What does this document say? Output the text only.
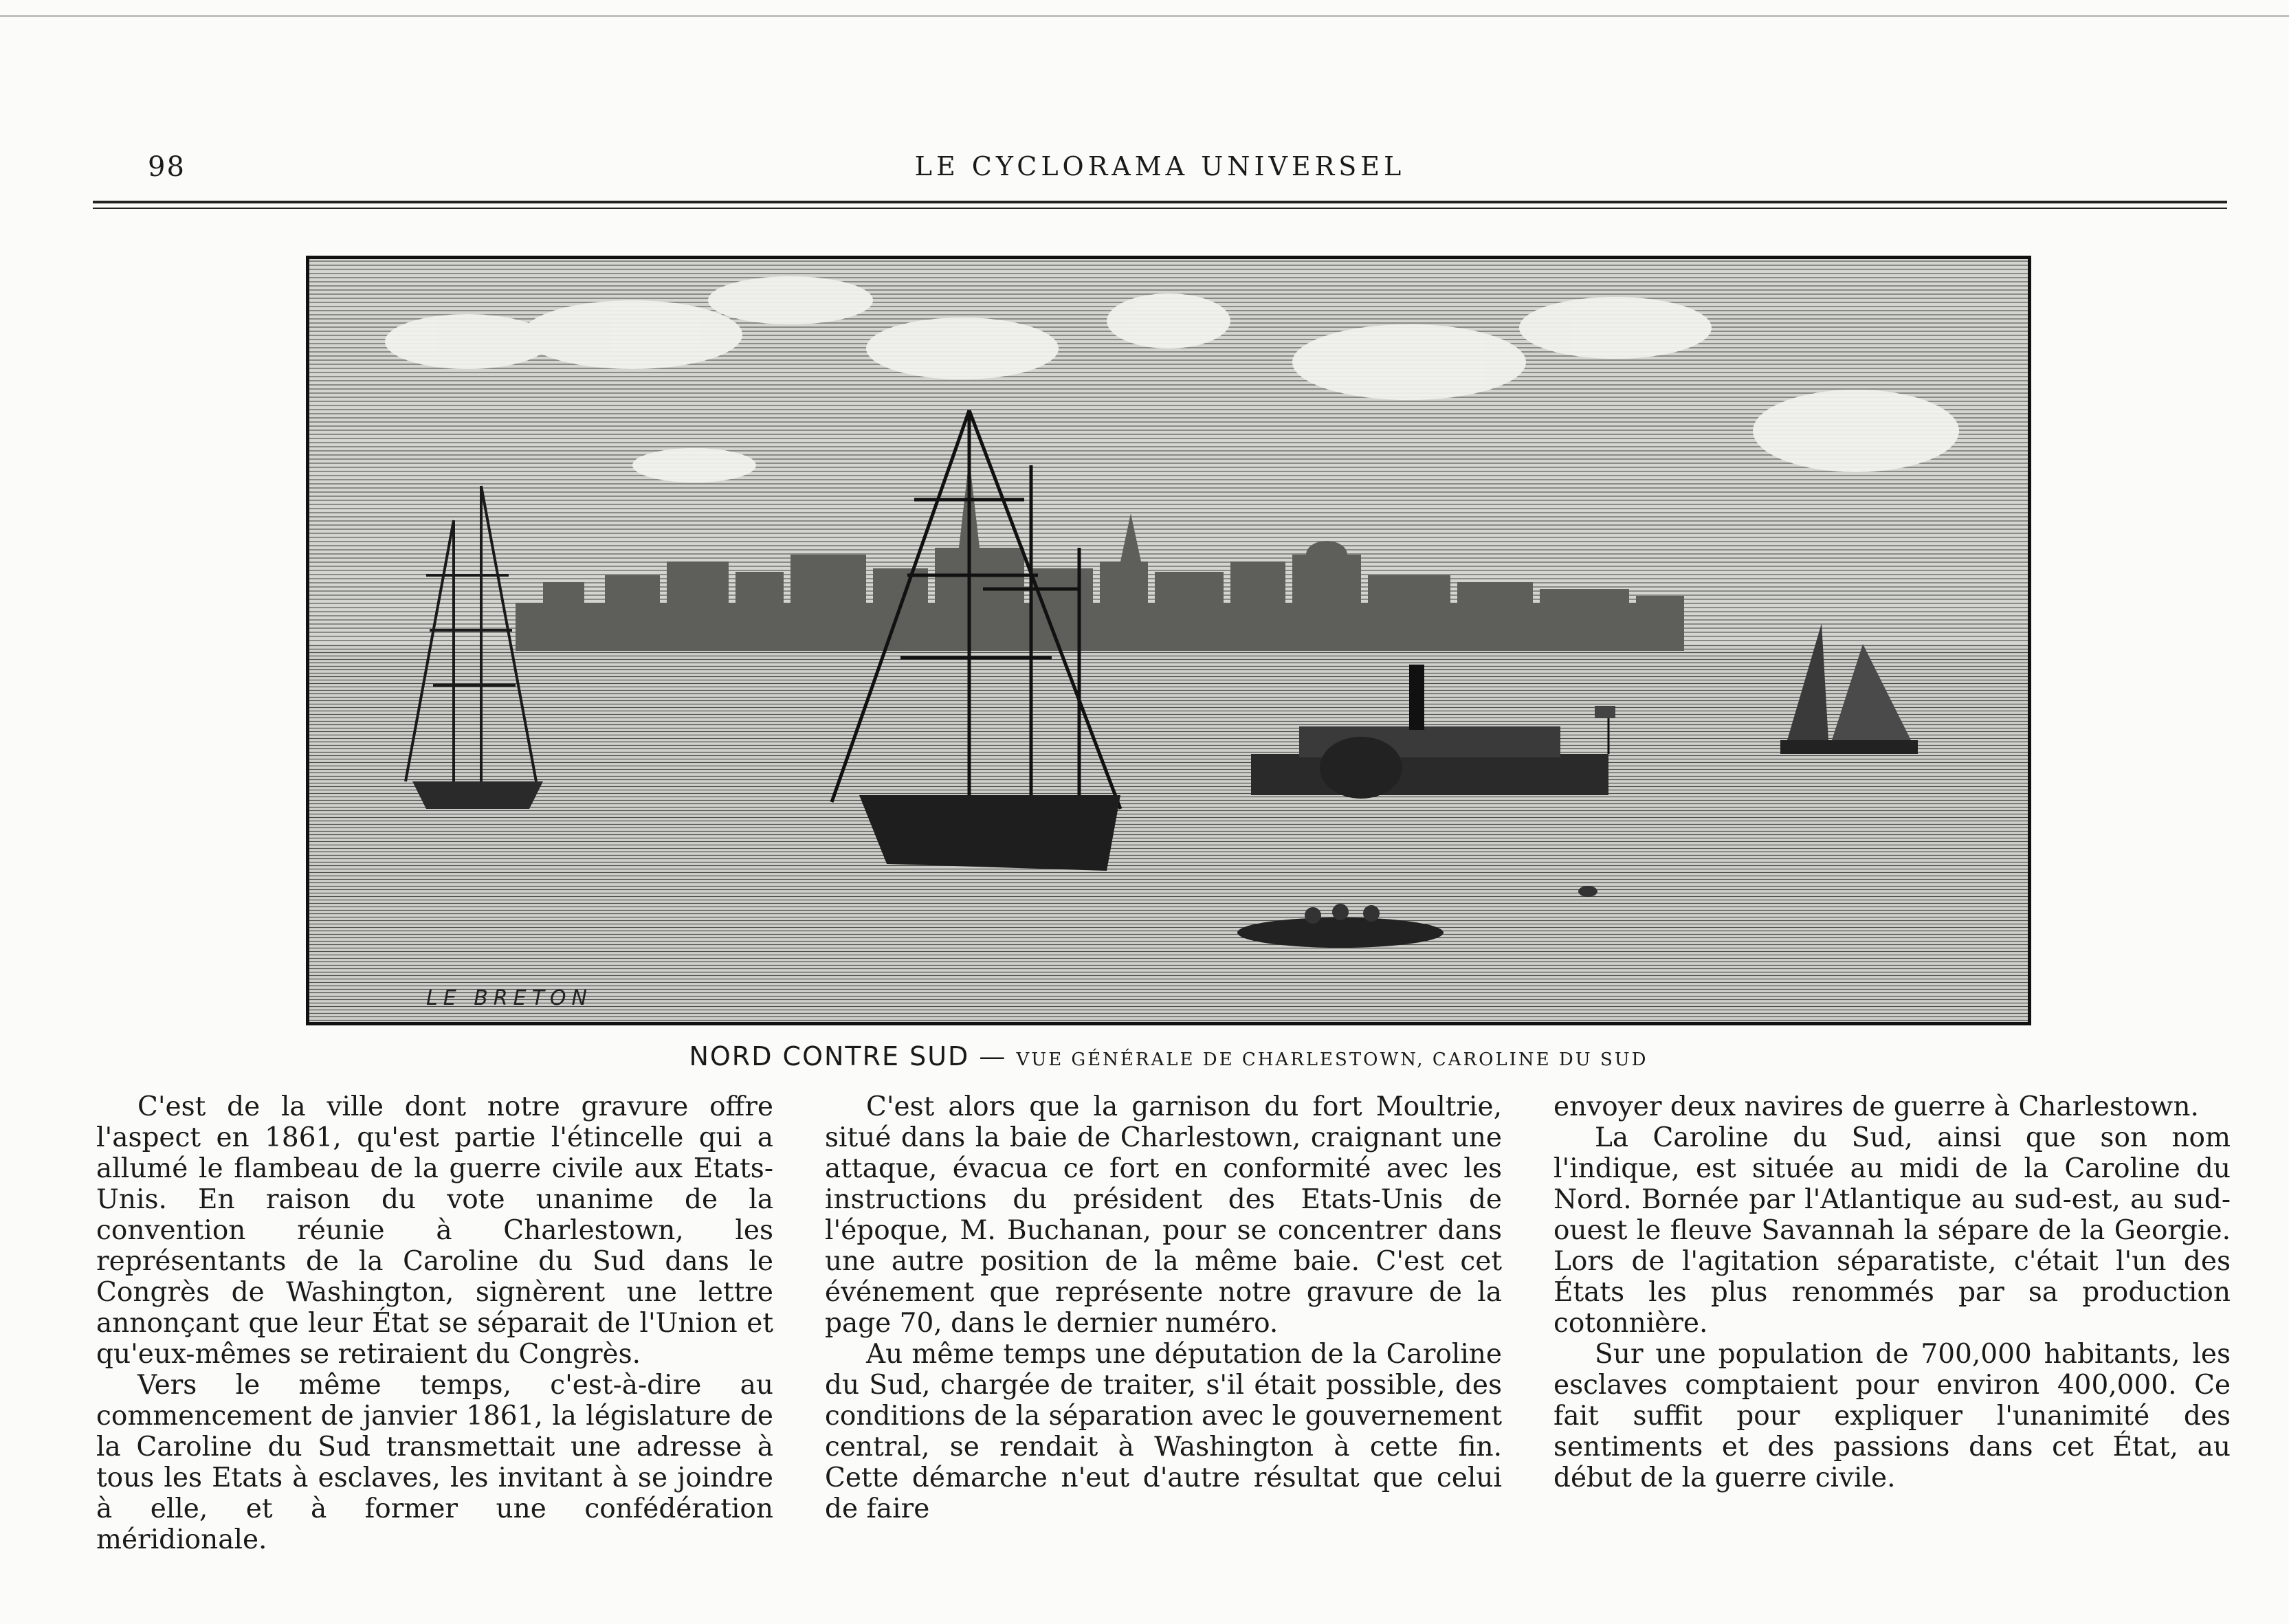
98	LE CYCLORAMA UNIVERSEL
LE BRETON
NORD CONTRE SUD — VUE GÉNÉRALE DE CHARLESTOWN, CAROLINE DU SUD

C'est de la ville dont notre gravure offre l'aspect en 1861, qu'est partie l'étincelle qui a allumé le flambeau de la guerre civile aux Etats-Unis. En raison du vote unanime de la convention réunie à Charlestown, les représentants de la Caroline du Sud dans le Congrès de Washington, signèrent une lettre annonçant que leur État se séparait de l'Union et qu'eux-mêmes se retiraient du Congrès.

Vers le même temps, c'est-à-dire au commencement de janvier 1861, la législature de la Caroline du Sud transmettait une adresse à tous les Etats à esclaves, les invitant à se joindre à elle, et à former une confédération méridionale.

C'est alors que la garnison du fort Moultrie, situé dans la baie de Charlestown, craignant une attaque, évacua ce fort en conformité avec les instructions du président des Etats-Unis de l'époque, M. Buchanan, pour se concentrer dans une autre position de la même baie. C'est cet événement que représente notre gravure de la page 70, dans le dernier numéro.

Au même temps une députation de la Caroline du Sud, chargée de traiter, s'il était possible, des conditions de la séparation avec le gouvernement central, se rendait à Washington à cette fin. Cette démarche n'eut d'autre résultat que celui de faire

envoyer deux navires de guerre à Charlestown.

La Caroline du Sud, ainsi que son nom l'indique, est située au midi de la Caroline du Nord. Bornée par l'Atlantique au sud-est, au sud-ouest le fleuve Savannah la sépare de la Georgie. Lors de l'agitation séparatiste, c'était l'un des États les plus renommés par sa production cotonnière.

Sur une population de 700,000 habitants, les esclaves comptaient pour environ 400,000. Ce fait suffit pour expliquer l'unanimité des sentiments et des passions dans cet État, au début de la guerre civile.
